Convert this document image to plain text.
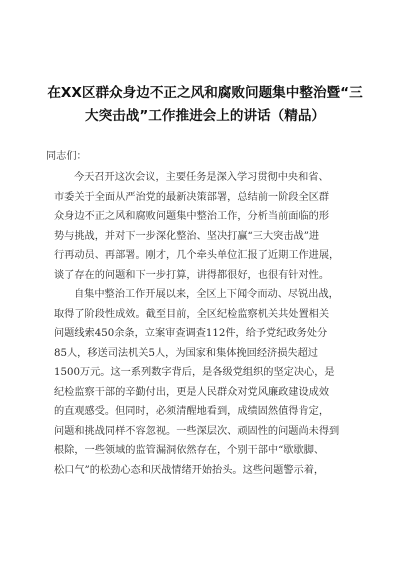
在XX区群众身边不正之风和腐败问题集中整治暨“三
大突击战”工作推进会上的讲话（精品）
同志们：
今天召开这次会议，主要任务是深入学习贯彻中央和省、
市委关于全面从严治党的最新决策部署，总结前一阶段全区群
众身边不正之风和腐败问题集中整治工作，分析当前面临的形
势与挑战，并对下一步深化整治、坚决打赢“三大突击战”进
行再动员、再部署。刚才，几个牵头单位汇报了近期工作进展，
谈了存在的问题和下一步打算，讲得都很好，也很有针对性。
自集中整治工作开展以来，全区上下闻令而动、尽锐出战，
取得了阶段性成效。截至目前，全区纪检监察机关共处置相关
问题线索450余条，立案审查调查112件，给予党纪政务处分
85人，移送司法机关5人，为国家和集体挽回经济损失超过
1500万元。这一系列数字背后，是各级党组织的坚定决心，是
纪检监察干部的辛勤付出，更是人民群众对党风廉政建设成效
的直观感受。但同时，必须清醒地看到，成绩固然值得肯定，
问题和挑战同样不容忽视。一些深层次、顽固性的问题尚未得到
根除，一些领域的监管漏洞依然存在，个别干部中“歇歇脚、
松口气”的松劲心态和厌战情绪开始抬头。这些问题警示着，
